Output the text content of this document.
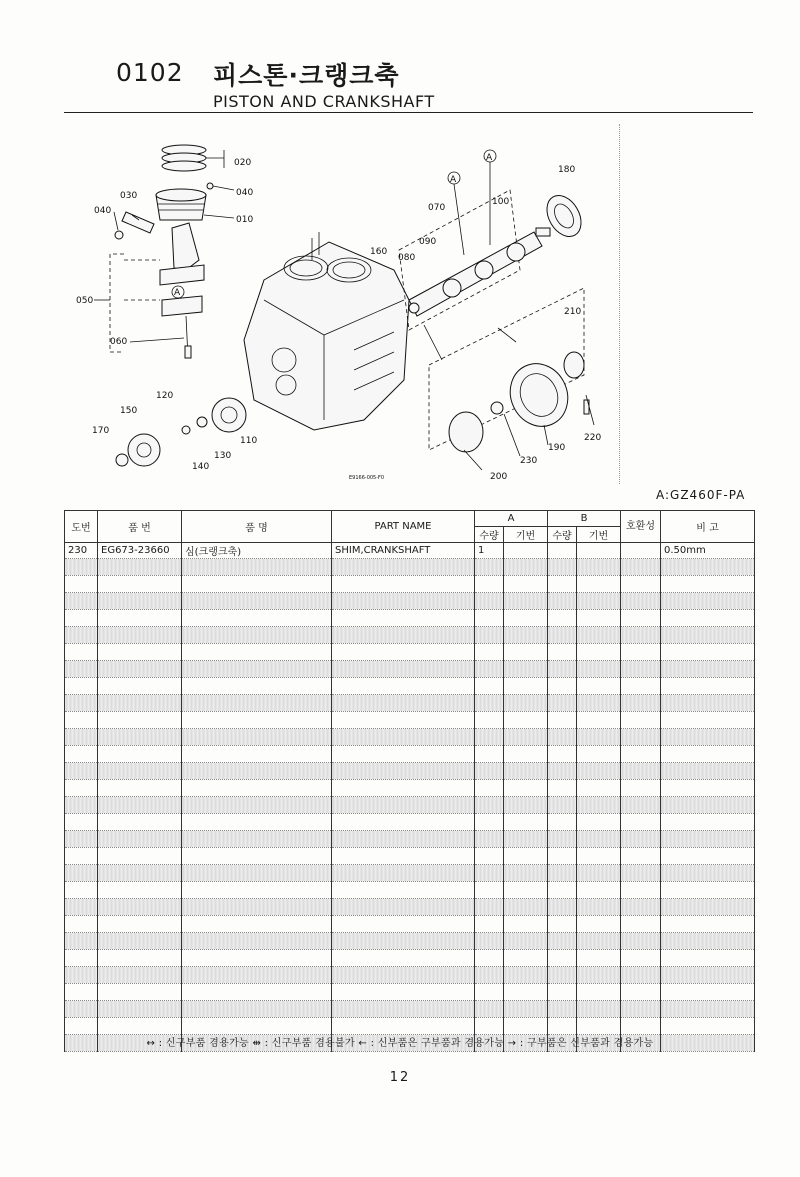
0102 피스톤·크랭크축
PISTON AND CRANKSHAFT
A
A
A
020
040
010
030
040
050
060
070
080
090
100
160
180
210
120
150
170
140
130
110
190
220
230
200
E9166-005-F0
A:GZ460F-PA
도번	품 번	품 명	PART NAME	A		B		호환성	비 고
				수량	기번	수량	기번		
230	EG673-23660	심(크랭크축)	SHIM,CRANKSHAFT	1					0.50mm

↔ : 신구부품 겸용가능 ⇹ : 신구부품 겸용불가 ← : 신부품은 구부품과 겸용가능 → : 구부품은 신부품과 겸용가능
12
